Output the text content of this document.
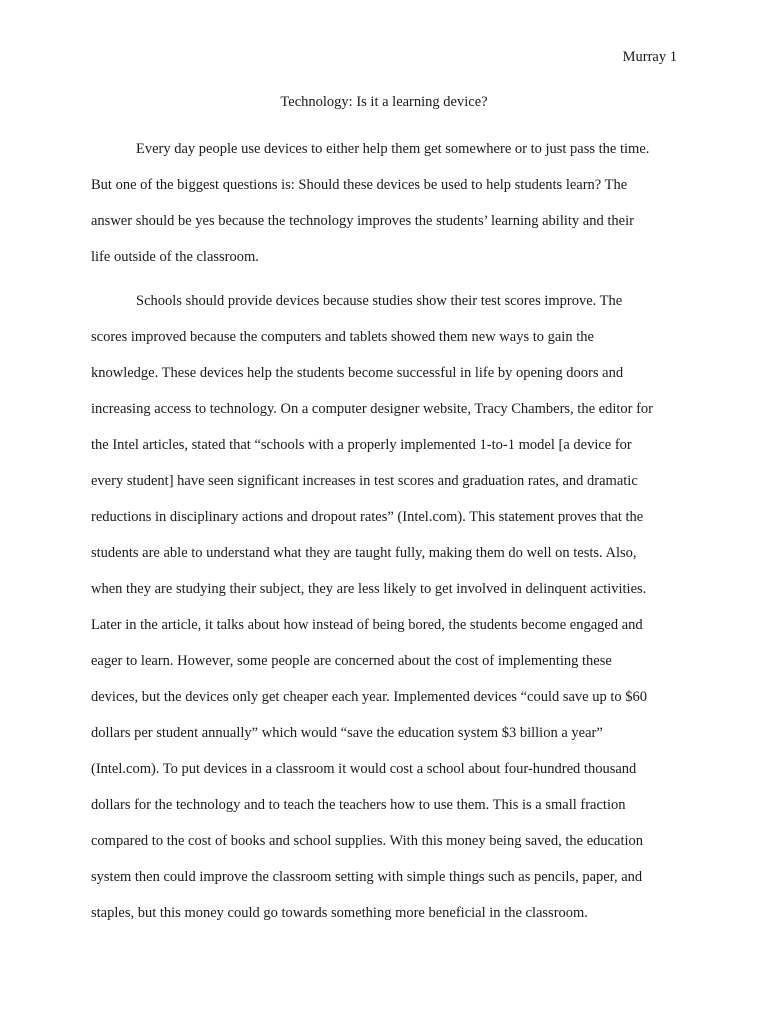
Murray 1
Technology: Is it a learning device?

Every day people use devices to either help them get somewhere or to just pass the time.
But one of the biggest questions is: Should these devices be used to help students learn? The
answer should be yes because the technology improves the students’ learning ability and their
life outside of the classroom.

Schools should provide devices because studies show their test scores improve. The
scores improved because the computers and tablets showed them new ways to gain the
knowledge. These devices help the students become successful in life by opening doors and
increasing access to technology. On a computer designer website, Tracy Chambers, the editor for
the Intel articles, stated that “schools with a properly implemented 1-to-1 model [a device for
every student] have seen significant increases in test scores and graduation rates, and dramatic
reductions in disciplinary actions and dropout rates” (Intel.com). This statement proves that the
students are able to understand what they are taught fully, making them do well on tests. Also,
when they are studying their subject, they are less likely to get involved in delinquent activities.
Later in the article, it talks about how instead of being bored, the students become engaged and
eager to learn. However, some people are concerned about the cost of implementing these
devices, but the devices only get cheaper each year. Implemented devices “could save up to $60
dollars per student annually” which would “save the education system $3 billion a year”
(Intel.com). To put devices in a classroom it would cost a school about four-hundred thousand
dollars for the technology and to teach the teachers how to use them. This is a small fraction
compared to the cost of books and school supplies. With this money being saved, the education
system then could improve the classroom setting with simple things such as pencils, paper, and
staples, but this money could go towards something more beneficial in the classroom.
